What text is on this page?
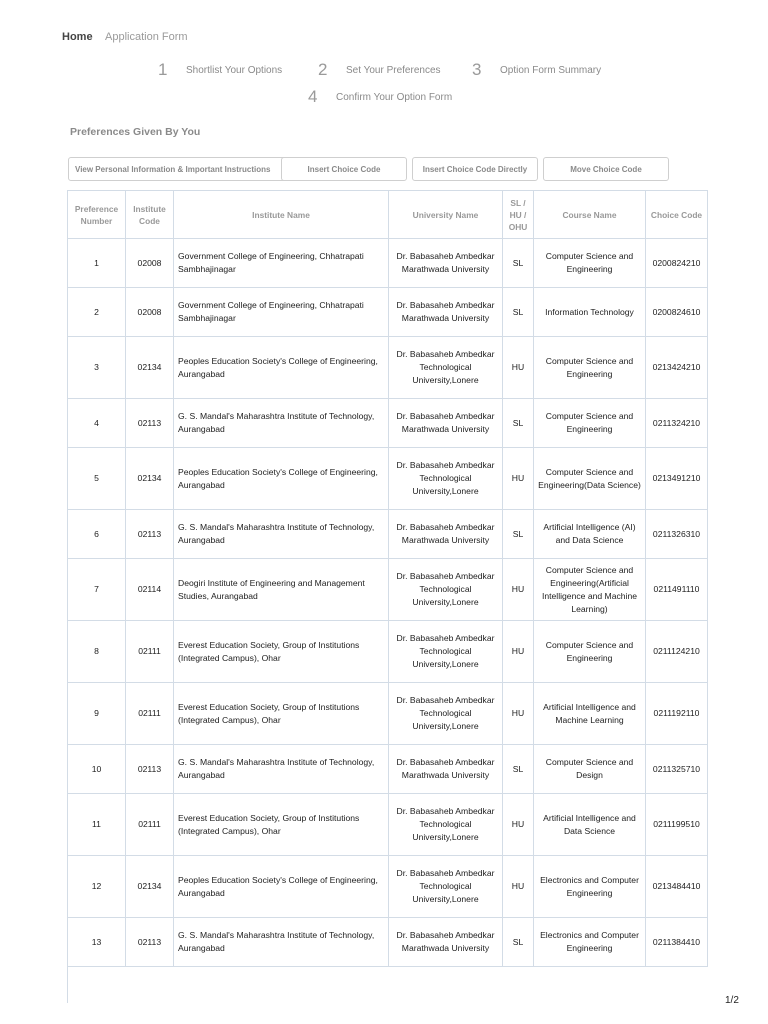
Home Application Form
1	Shortlist Your Options 2	Set Your Preferences 3	Option Form Summary
4	Confirm Your Option Form
Preferences Given By You
View Personal Information & Important Instructions	Insert Choice Code	Insert Choice Code Directly	Move Choice Code
Preference Number	Institute Code	Institute Name	University Name	SL / HU / OHU	Course Name	Choice Code
1	02008	Government College of Engineering, Chhatrapati Sambhajinagar	Dr. Babasaheb Ambedkar Marathwada University	SL	Computer Science and Engineering	0200824210
2	02008	Government College of Engineering, Chhatrapati Sambhajinagar	Dr. Babasaheb Ambedkar Marathwada University	SL	Information Technology	0200824610
3	02134	Peoples Education Society's College of Engineering, Aurangabad	Dr. Babasaheb Ambedkar Technological University,Lonere	HU	Computer Science and Engineering	0213424210
4	02113	G. S. Mandal's Maharashtra Institute of Technology, Aurangabad	Dr. Babasaheb Ambedkar Marathwada University	SL	Computer Science and Engineering	0211324210
5	02134	Peoples Education Society's College of Engineering, Aurangabad	Dr. Babasaheb Ambedkar Technological University,Lonere	HU	Computer Science and Engineering(Data Science)	0213491210
6	02113	G. S. Mandal's Maharashtra Institute of Technology, Aurangabad	Dr. Babasaheb Ambedkar Marathwada University	SL	Artificial Intelligence (AI) and Data Science	0211326310
7	02114	Deogiri Institute of Engineering and Management Studies, Aurangabad	Dr. Babasaheb Ambedkar Technological University,Lonere	HU	Computer Science and Engineering(Artificial Intelligence and Machine Learning)	0211491110
8	02111	Everest Education Society, Group of Institutions (Integrated Campus), Ohar	Dr. Babasaheb Ambedkar Technological University,Lonere	HU	Computer Science and Engineering	0211124210
9	02111	Everest Education Society, Group of Institutions (Integrated Campus), Ohar	Dr. Babasaheb Ambedkar Technological University,Lonere	HU	Artificial Intelligence and Machine Learning	0211192110
10	02113	G. S. Mandal's Maharashtra Institute of Technology, Aurangabad	Dr. Babasaheb Ambedkar Marathwada University	SL	Computer Science and Design	0211325710
11	02111	Everest Education Society, Group of Institutions (Integrated Campus), Ohar	Dr. Babasaheb Ambedkar Technological University,Lonere	HU	Artificial Intelligence and Data Science	0211199510
12	02134	Peoples Education Society's College of Engineering, Aurangabad	Dr. Babasaheb Ambedkar Technological University,Lonere	HU	Electronics and Computer Engineering	0213484410
13	02113	G. S. Mandal's Maharashtra Institute of Technology, Aurangabad	Dr. Babasaheb Ambedkar Marathwada University	SL	Electronics and Computer Engineering	0211384410
1/2
